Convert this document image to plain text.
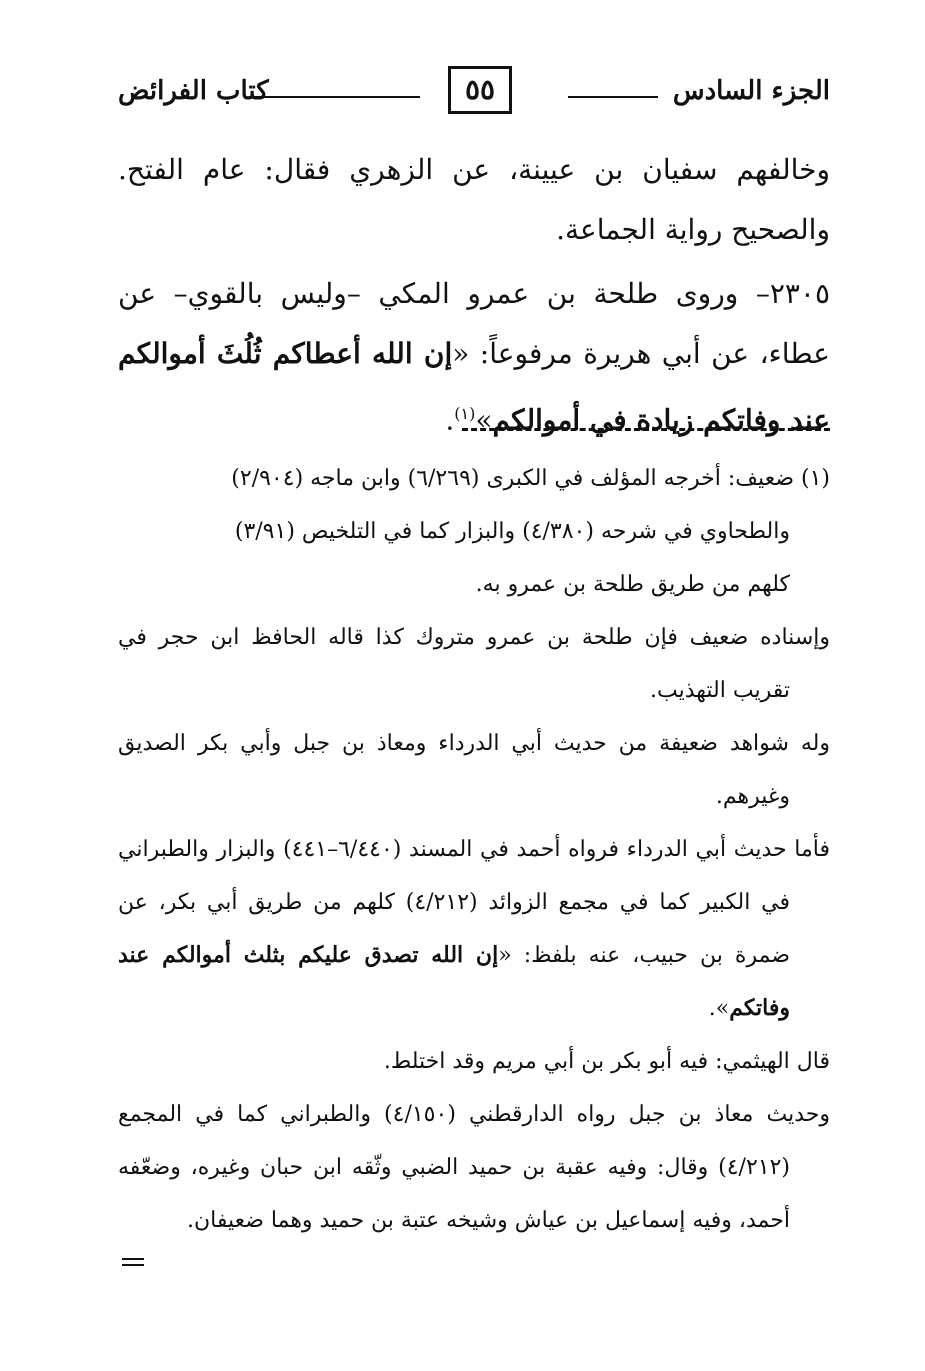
الجزء السادس
٥٥
كتاب الفرائض

وخالفهم سفيان بن عيينة، عن الزهري فقال: عام الفتح. والصحيح رواية الجماعة.

٢٣٠٥– وروى طلحة بن عمرو المكي –وليس بالقوي– عن عطاء، عن أبي هريرة مرفوعاً: «إن الله أعطاكم ثُلُثَ أموالكم عند وفاتكم زيادة في أموالكم»$^{(١)}$.

(١) ضعيف: أخرجه المؤلف في الكبرى (٦/٢٦٩) وابن ماجه (٢/٩٠٤)

والطحاوي في شرحه (٤/٣٨٠) والبزار كما في التلخيص (٣/٩١)

كلهم من طريق طلحة بن عمرو به.

وإسناده ضعيف فإن طلحة بن عمرو متروك كذا قاله الحافظ ابن حجر في تقريب التهذيب.

وله شواهد ضعيفة من حديث أبي الدرداء ومعاذ بن جبل وأبي بكر الصديق وغيرهم.

فأما حديث أبي الدرداء فرواه أحمد في المسند (٦/٤٤٠–٤٤١) والبزار والطبراني في الكبير كما في مجمع الزوائد (٤/٢١٢) كلهم من طريق أبي بكر، عن ضمرة بن حبيب، عنه بلفظ: «إن الله تصدق عليكم بثلث أموالكم عند وفاتكم».

قال الهيثمي: فيه أبو بكر بن أبي مريم وقد اختلط.

وحديث معاذ بن جبل رواه الدارقطني (٤/١٥٠) والطبراني كما في المجمع (٤/٢١٢) وقال: وفيه عقبة بن حميد الضبي وثّقه ابن حبان وغيره، وضعّفه أحمد، وفيه إسماعيل بن عياش وشيخه عتبة بن حميد وهما ضعيفان.
